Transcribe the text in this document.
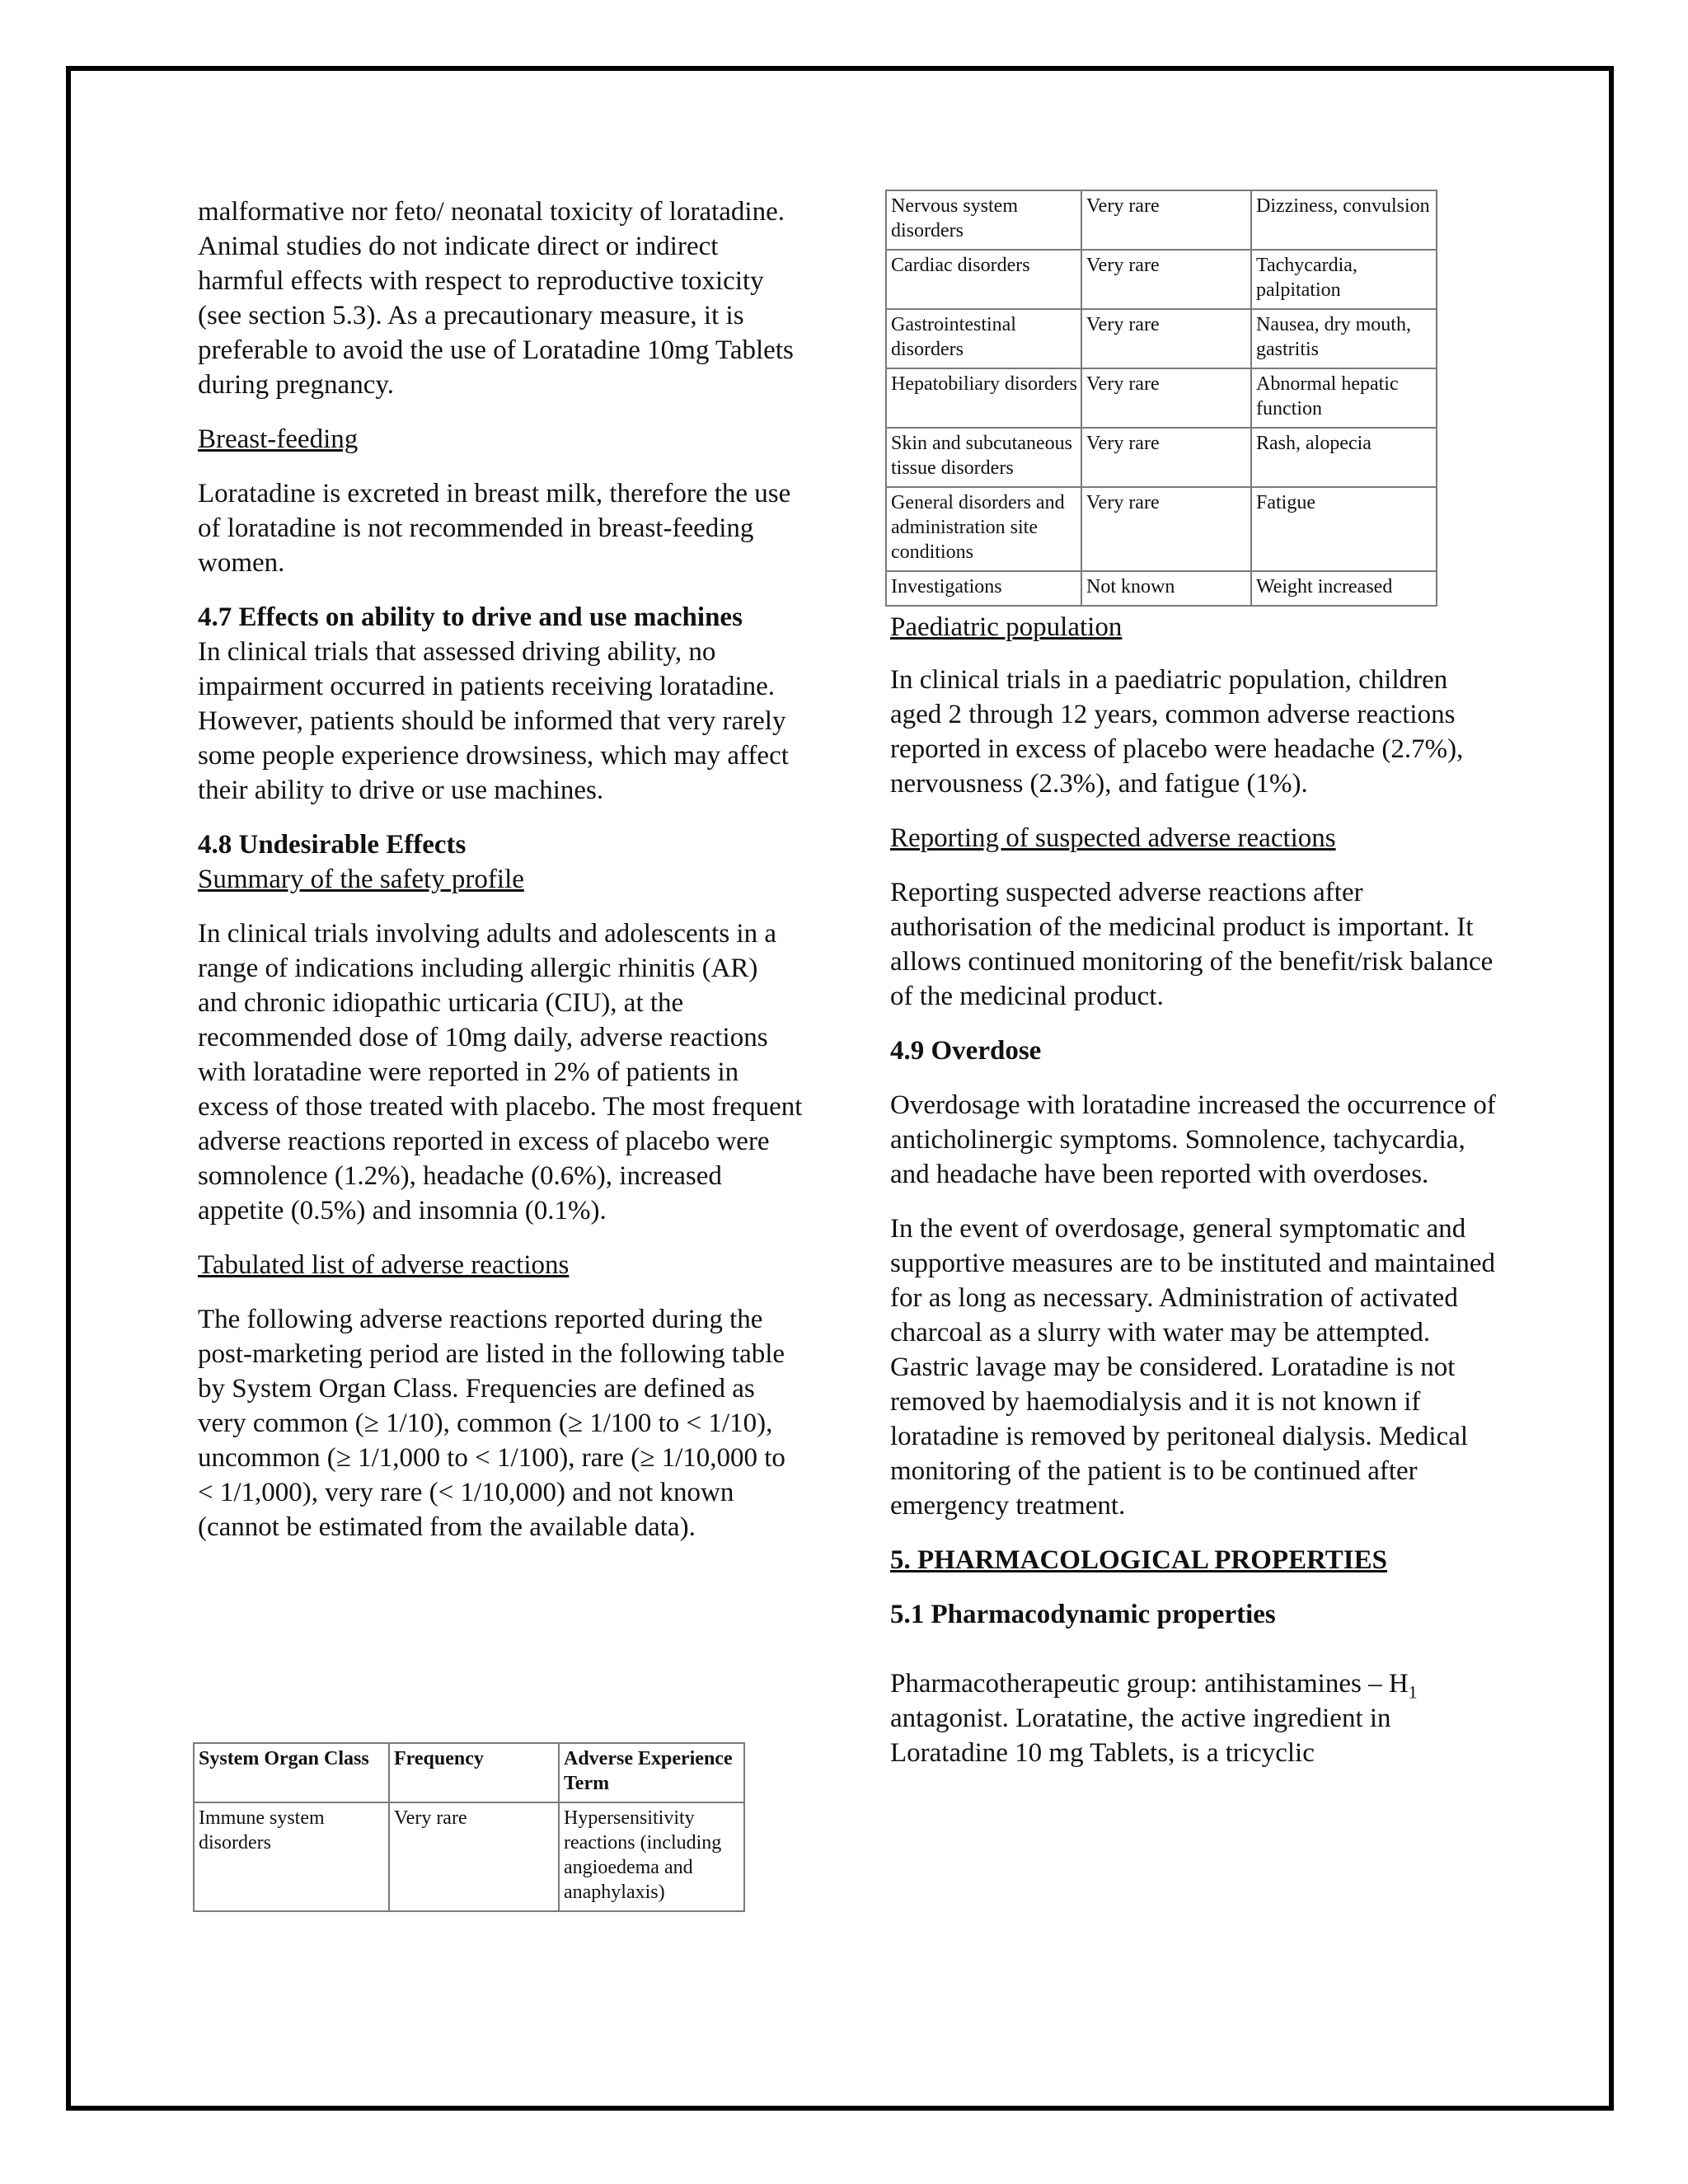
malformative nor feto/ neonatal toxicity of loratadine. Animal studies do not indicate direct or indirect harmful effects with respect to reproductive toxicity (see section 5.3). As a precautionary measure, it is preferable to avoid the use of Loratadine 10mg Tablets during pregnancy.

Breast-feeding

Loratadine is excreted in breast milk, therefore the use of loratadine is not recommended in breast-feeding women.

4.7 Effects on ability to drive and use machines

In clinical trials that assessed driving ability, no impairment occurred in patients receiving loratadine. However, patients should be informed that very rarely some people experience drowsiness, which may affect their ability to drive or use machines.

4.8 Undesirable Effects

Summary of the safety profile

In clinical trials involving adults and adolescents in a range of indications including allergic rhinitis (AR) and chronic idiopathic urticaria (CIU), at the recommended dose of 10mg daily, adverse reactions with loratadine were reported in 2% of patients in excess of those treated with placebo. The most frequent adverse reactions reported in excess of placebo were somnolence (1.2%), headache (0.6%), increased appetite (0.5%) and insomnia (0.1%).

Tabulated list of adverse reactions

The following adverse reactions reported during the post-marketing period are listed in the following table by System Organ Class. Frequencies are defined as very common (≥ 1/10), common (≥ 1/100 to < 1/10), uncommon (≥ 1/1,000 to < 1/100), rare (≥ 1/10,000 to < 1/1,000), very rare (< 1/10,000) and not known (cannot be estimated from the available data).

System Organ Class	Frequency	Adverse Experience Term
Immune system disorders	Very rare	Hypersensitivity reactions (including angioedema and anaphylaxis)
Nervous system disorders	Very rare	Dizziness, convulsion
Cardiac disorders	Very rare	Tachycardia, palpitation
Gastrointestinal disorders	Very rare	Nausea, dry mouth, gastritis
Hepatobiliary disorders	Very rare	Abnormal hepatic function
Skin and subcutaneous tissue disorders	Very rare	Rash, alopecia
General disorders and administration site conditions	Very rare	Fatigue
Investigations	Not known	Weight increased

Paediatric population

In clinical trials in a paediatric population, children aged 2 through 12 years, common adverse reactions reported in excess of placebo were headache (2.7%), nervousness (2.3%), and fatigue (1%).

Reporting of suspected adverse reactions

Reporting suspected adverse reactions after authorisation of the medicinal product is important. It allows continued monitoring of the benefit/risk balance of the medicinal product.

4.9 Overdose

Overdosage with loratadine increased the occurrence of anticholinergic symptoms. Somnolence, tachycardia, and headache have been reported with overdoses.

In the event of overdosage, general symptomatic and supportive measures are to be instituted and maintained for as long as necessary. Administration of activated charcoal as a slurry with water may be attempted. Gastric lavage may be considered. Loratadine is not removed by haemodialysis and it is not known if loratadine is removed by peritoneal dialysis. Medical monitoring of the patient is to be continued after emergency treatment.

5. PHARMACOLOGICAL PROPERTIES

5.1 Pharmacodynamic properties

Pharmacotherapeutic group: antihistamines – $H_1$ antagonist. Loratatine, the active ingredient in Loratadine 10 mg Tablets, is a tricyclic
